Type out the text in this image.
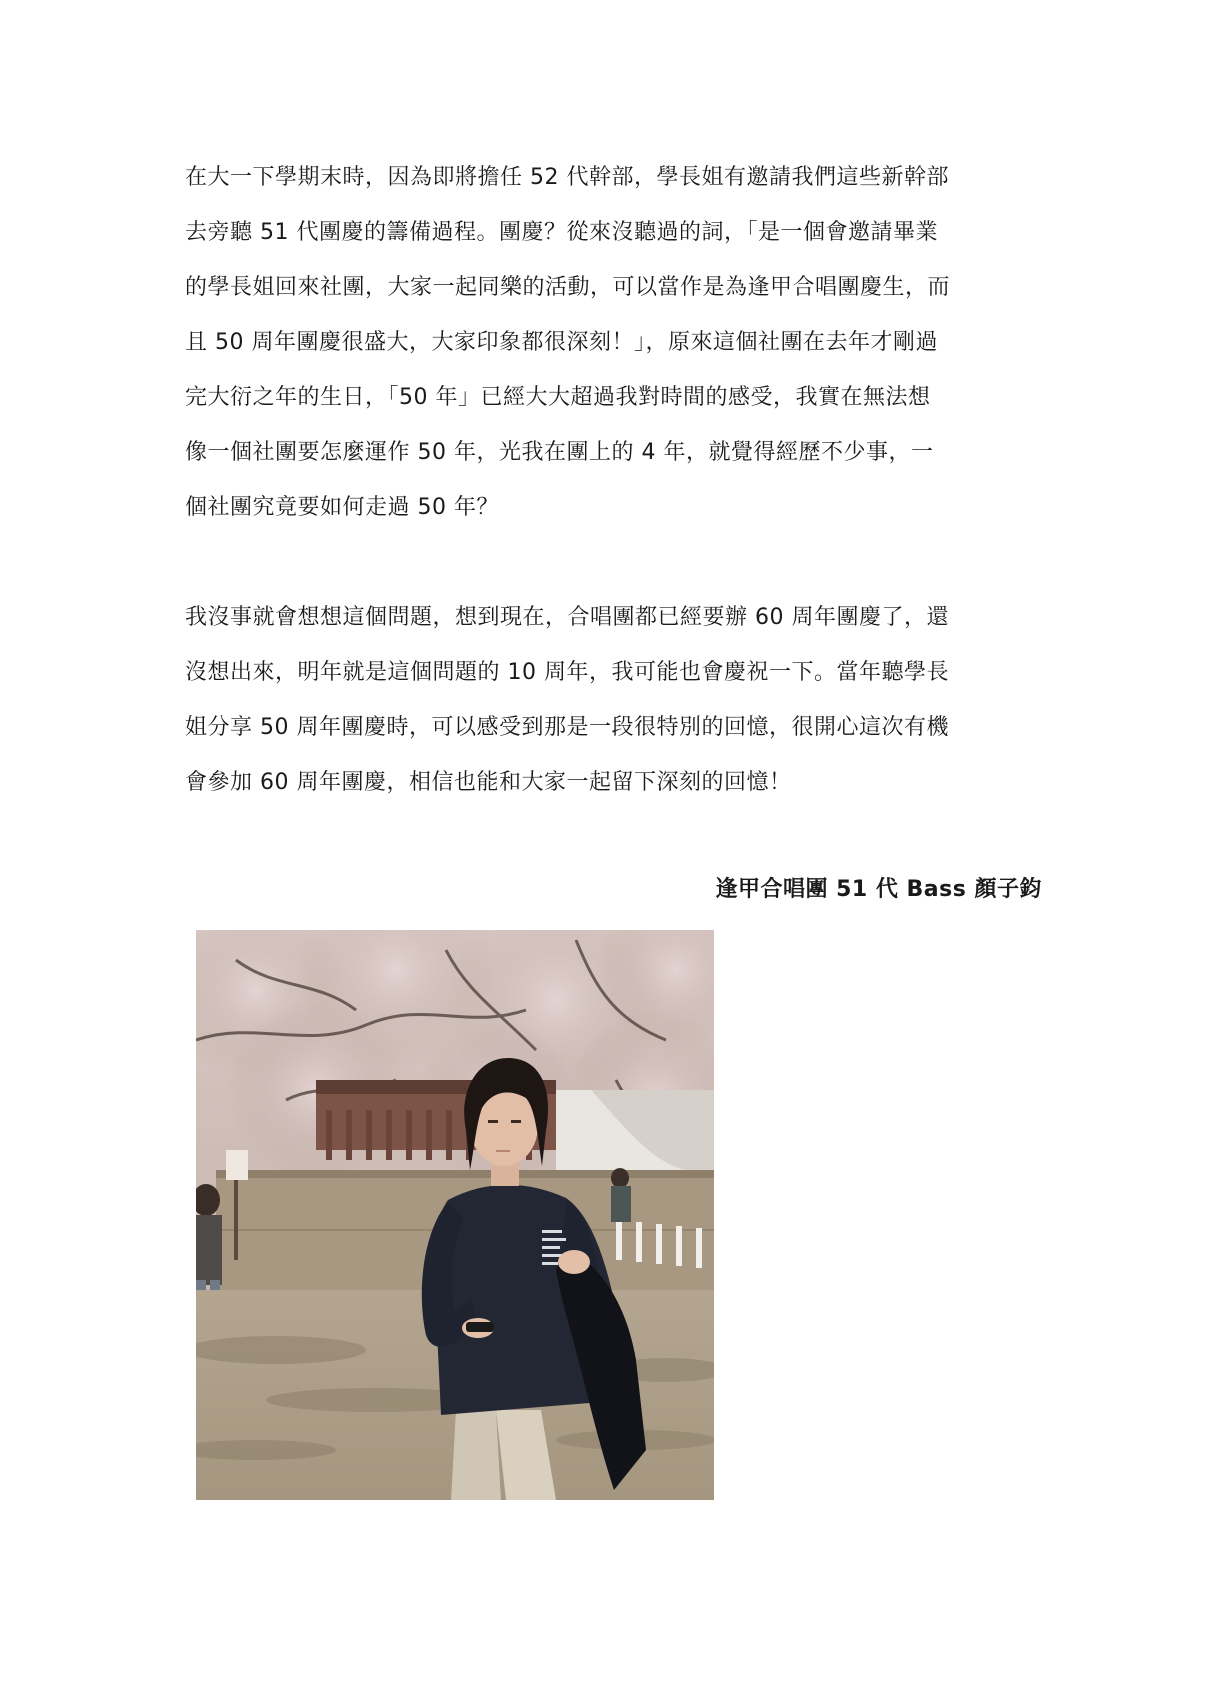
在大一下學期末時，因為即將擔任 52 代幹部，學長姐有邀請我們這些新幹部
去旁聽 51 代團慶的籌備過程。團慶？從來沒聽過的詞，「是一個會邀請畢業
的學長姐回來社團，大家一起同樂的活動，可以當作是為逢甲合唱團慶生，而
且 50 周年團慶很盛大，大家印象都很深刻！」，原來這個社團在去年才剛過
完大衍之年的生日，「50 年」已經大大超過我對時間的感受，我實在無法想
像一個社團要怎麼運作 50 年，光我在團上的 4 年，就覺得經歷不少事，一
個社團究竟要如何走過 50 年？
我沒事就會想想這個問題，想到現在，合唱團都已經要辦 60 周年團慶了，還
沒想出來，明年就是這個問題的 10 周年，我可能也會慶祝一下。當年聽學長
姐分享 50 周年團慶時，可以感受到那是一段很特別的回憶，很開心這次有機
會參加 60 周年團慶，相信也能和大家一起留下深刻的回憶！
逢甲合唱團 51 代 Bass 顏子鈞
